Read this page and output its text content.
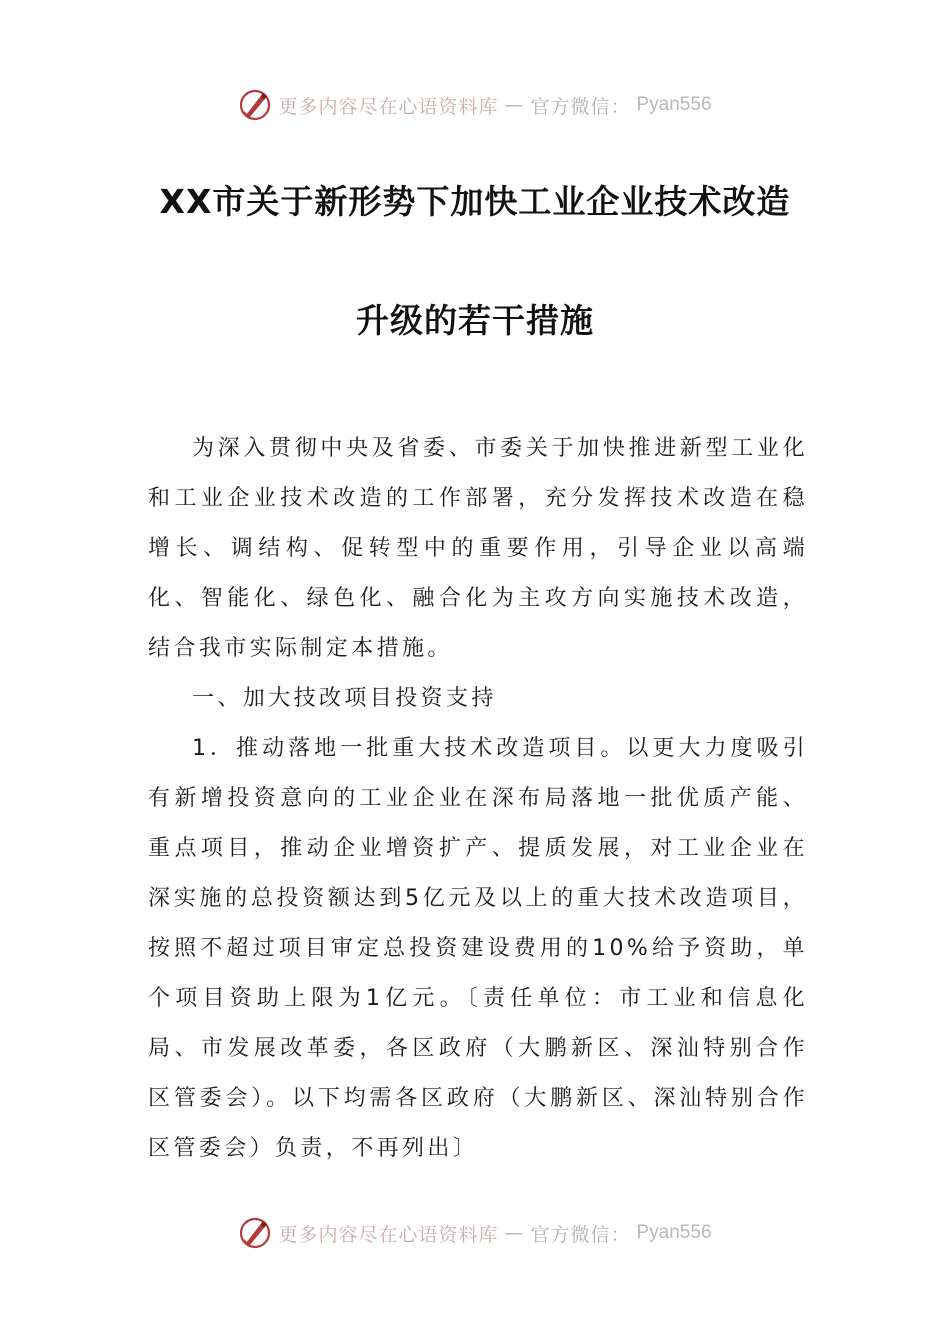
更多内容尽在心语资料库 — 官方微信： Pyan556
XX市关于新形势下加快工业企业技术改造
升级的若干措施

为深入贯彻中央及省委、市委关于加快推进新型工业化和工业企业技术改造的工作部署，充分发挥技术改造在稳增长、调结构、促转型中的重要作用，引导企业以高端化、智能化、绿色化、融合化为主攻方向实施技术改造，结合我市实际制定本措施。

一、加大技改项目投资支持

1．推动落地一批重大技术改造项目。以更大力度吸引有新增投资意向的工业企业在深布局落地一批优质产能、重点项目，推动企业增资扩产、提质发展，对工业企业在深实施的总投资额达到5亿元及以上的重大技术改造项目，按照不超过项目审定总投资建设费用的10%给予资助，单个项目资助上限为1亿元。〔责任单位：市工业和信息化局、市发展改革委，各区政府（大鹏新区、深汕特别合作区管委会）。以下均需各区政府（大鹏新区、深汕特别合作区管委会）负责，不再列出〕

更多内容尽在心语资料库 — 官方微信： Pyan556
